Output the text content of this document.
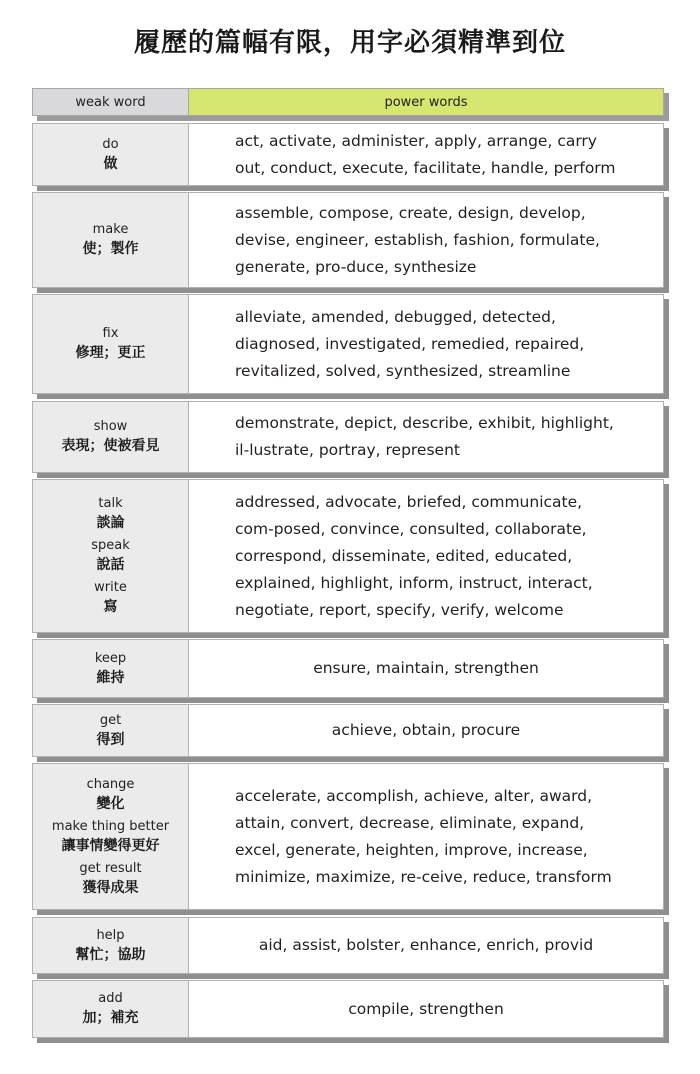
履歷的篇幅有限，用字必須精準到位
weak word	power words
do
做
act, activate, administer, apply, arrange, carry out, conduct, execute, facilitate, handle, perform
make
使；製作
assemble, compose, create, design, develop, devise, engineer, establish, fashion, formulate, generate, pro-duce, synthesize
fix
修理；更正
alleviate, amended, debugged, detected, diagnosed, investigated, remedied, repaired, revitalized, solved, synthesized, streamline
show
表現；使被看見
demonstrate, depict, describe, exhibit, highlight, il-lustrate, portray, represent
talk
談論
speak
說話
write
寫
addressed, advocate, briefed, communicate, com-posed, convince, consulted, collaborate, correspond, disseminate, edited, educated, explained, highlight, inform, instruct, interact, negotiate, report, specify, verify, welcome
keep
維持
ensure, maintain, strengthen
get
得到
achieve, obtain, procure
change
變化
make thing better
讓事情變得更好
get result
獲得成果
accelerate, accomplish, achieve, alter, award, attain, convert, decrease, eliminate, expand, excel, generate, heighten, improve, increase, minimize, maximize, re-ceive, reduce, transform
help
幫忙；協助
aid, assist, bolster, enhance, enrich, provid
add
加；補充
compile, strengthen
